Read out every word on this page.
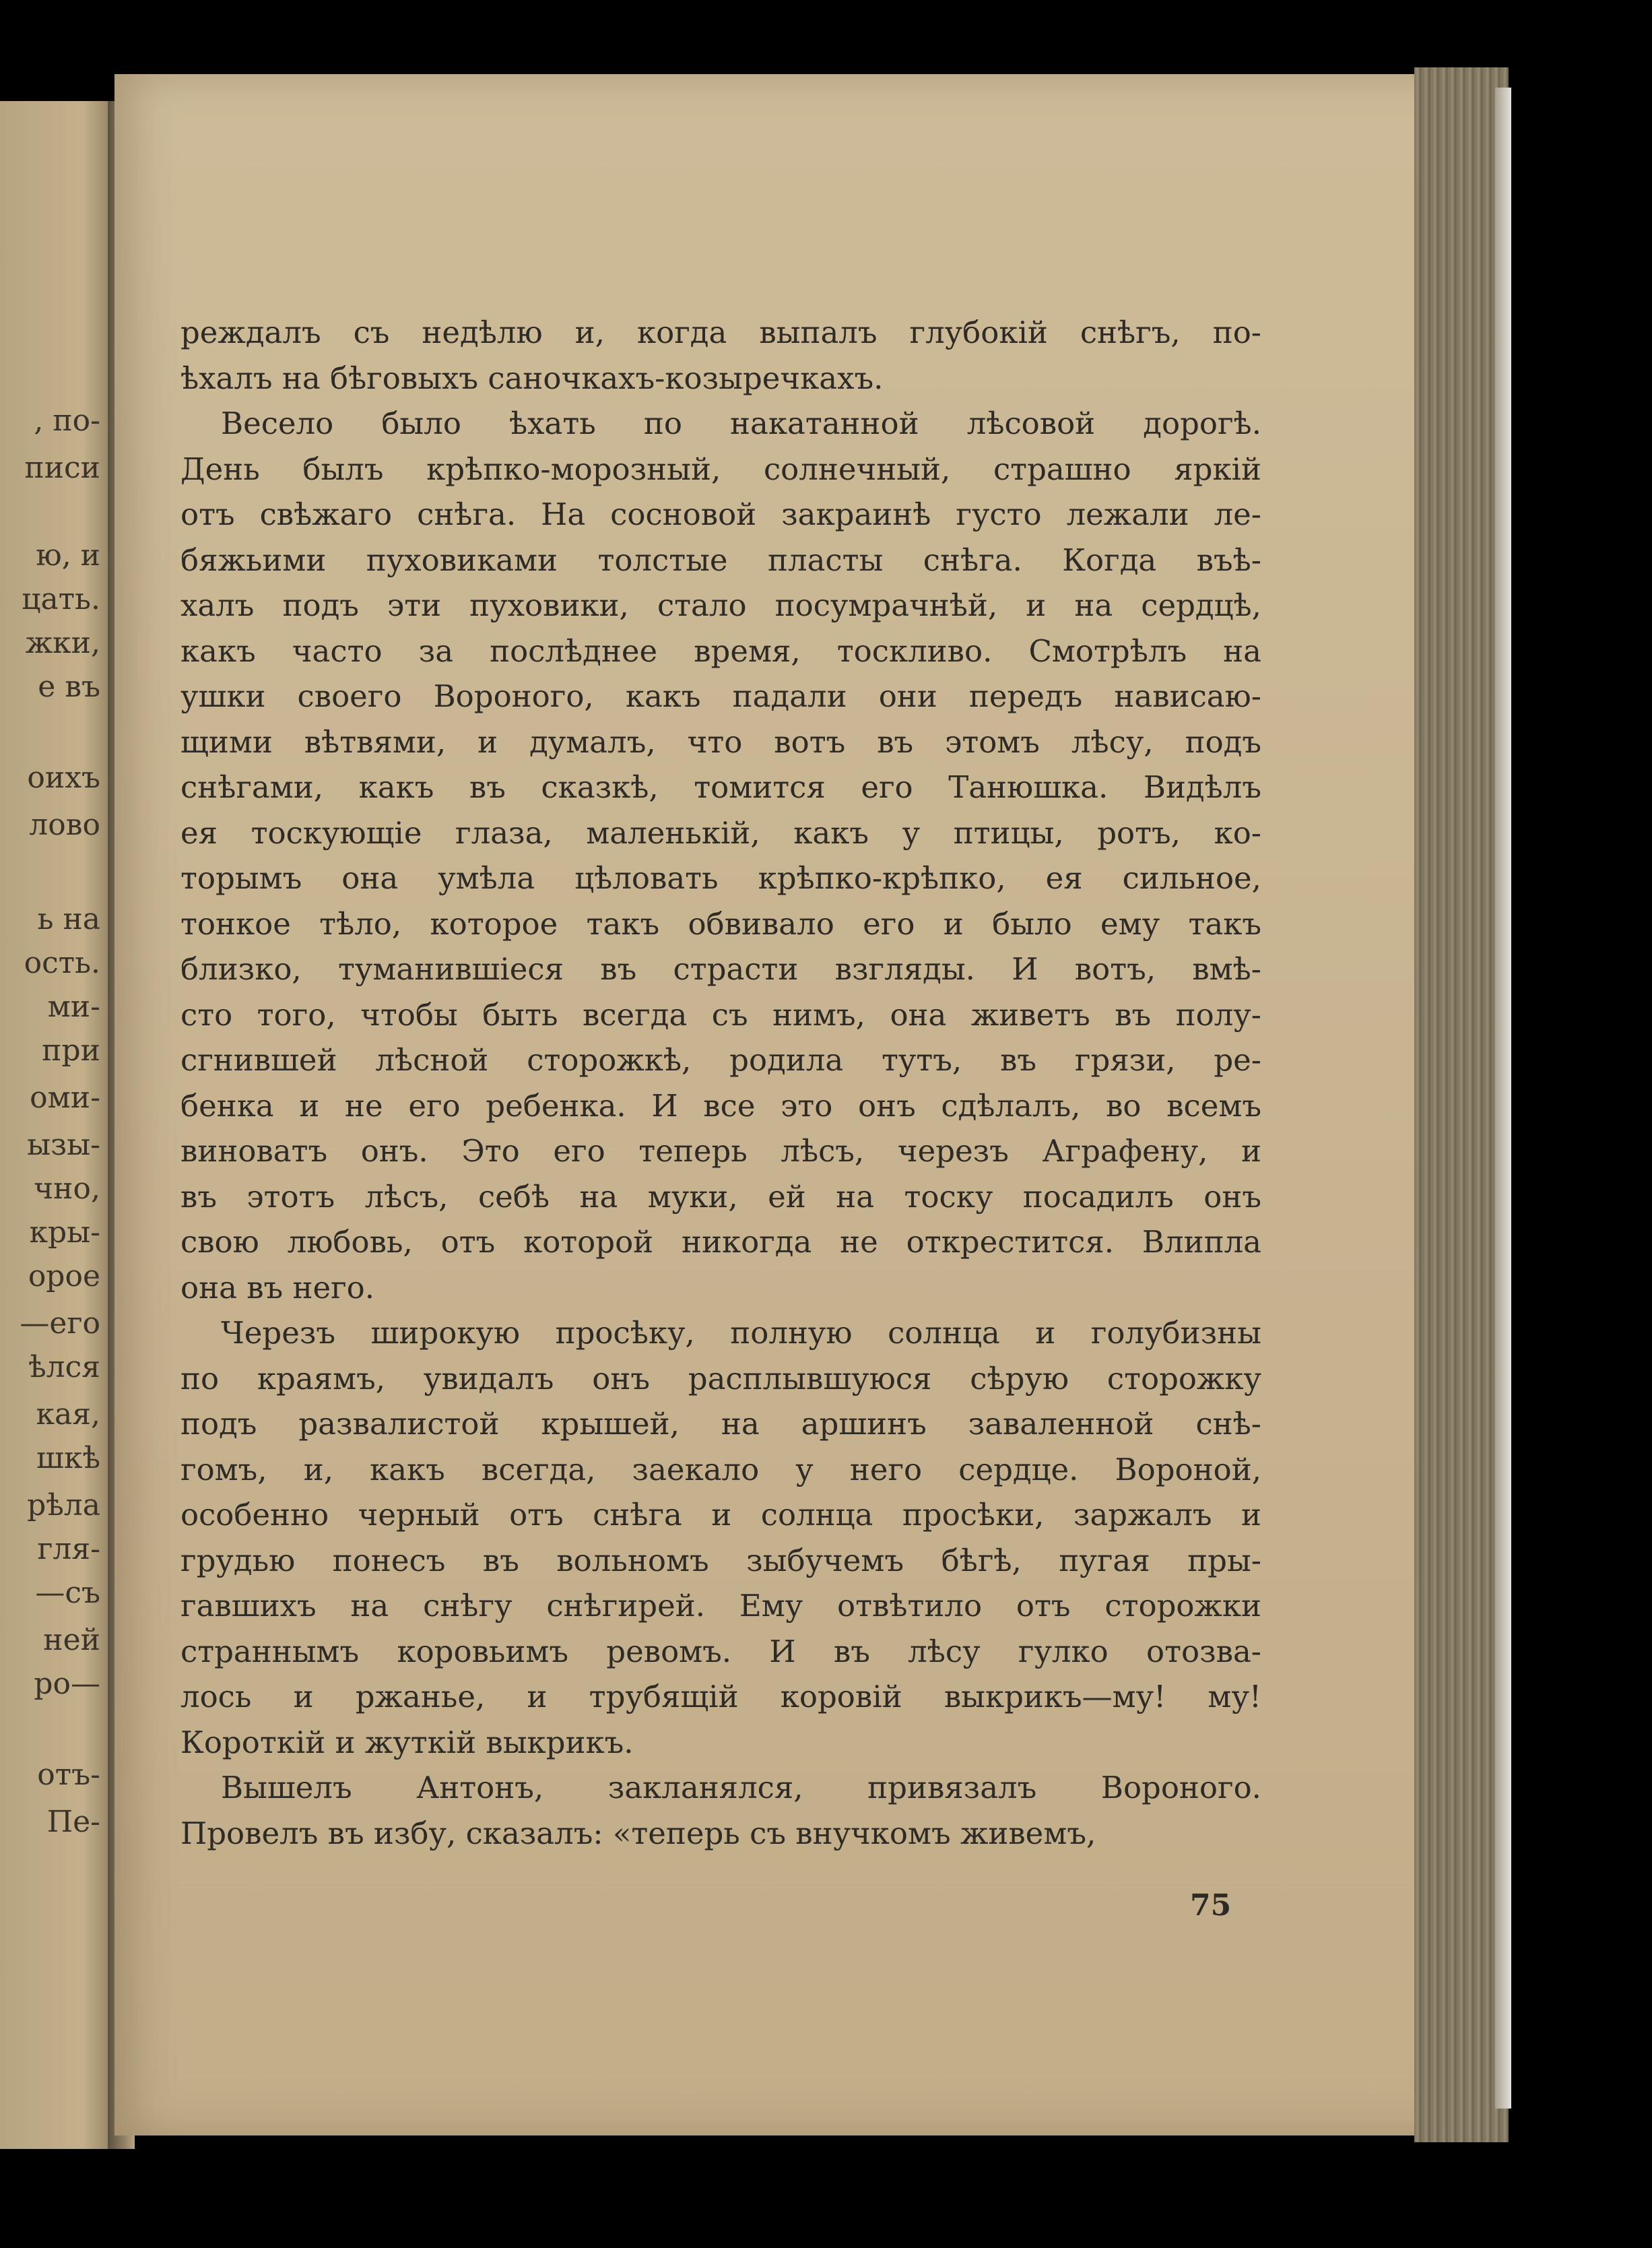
, по-
писи
ю, и
цать.
жки,
е въ
оихъ
лово
ь на
ость.
ми-
при
оми-
ызы-
чно,
кры-
орое
—его
ѣлся
кая,
шкѣ
рѣла
гля-
—съ
ней
ро—
отъ-
Пе-
реждалъ съ недѣлю и, когда выпалъ глубокій снѣгъ, по-
ѣхалъ на бѣговыхъ саночкахъ-козыречкахъ.
Весело было ѣхать по накатанной лѣсовой дорогѣ.
День былъ крѣпко-морозный, солнечный, страшно яркій
отъ свѣжаго снѣга. На сосновой закраинѣ густо лежали ле-
бяжьими пуховиками толстые пласты снѣга. Когда въѣ-
халъ подъ эти пуховики, стало посумрачнѣй, и на сердцѣ,
какъ часто за послѣднее время, тоскливо. Смотрѣлъ на
ушки своего Вороного, какъ падали они передъ нависаю-
щими вѣтвями, и думалъ, что вотъ въ этомъ лѣсу, подъ
снѣгами, какъ въ сказкѣ, томится его Танюшка. Видѣлъ
ея тоскующіе глаза, маленькій, какъ у птицы, ротъ, ко-
торымъ она умѣла цѣловать крѣпко-крѣпко, ея сильное,
тонкое тѣло, которое такъ обвивало его и было ему такъ
близко, туманившіеся въ страсти взгляды. И вотъ, вмѣ-
сто того, чтобы быть всегда съ нимъ, она живетъ въ полу-
сгнившей лѣсной сторожкѣ, родила тутъ, въ грязи, ре-
бенка и не его ребенка. И все это онъ сдѣлалъ, во всемъ
виноватъ онъ. Это его теперь лѣсъ, черезъ Аграфену, и
въ этотъ лѣсъ, себѣ на муки, ей на тоску посадилъ онъ
свою любовь, отъ которой никогда не открестится. Влипла
она въ него.
Черезъ широкую просѣку, полную солнца и голубизны
по краямъ, увидалъ онъ расплывшуюся сѣрую сторожку
подъ развалистой крышей, на аршинъ заваленной снѣ-
гомъ, и, какъ всегда, заекало у него сердце. Вороной,
особенно черный отъ снѣга и солнца просѣки, заржалъ и
грудью понесъ въ вольномъ зыбучемъ бѣгѣ, пугая пры-
гавшихъ на снѣгу снѣгирей. Ему отвѣтило отъ сторожки
страннымъ коровьимъ ревомъ. И въ лѣсу гулко отозва-
лось и ржанье, и трубящій коровій выкрикъ—му! му!
Короткій и жуткій выкрикъ.
Вышелъ Антонъ, закланялся, привязалъ Вороного.
Провелъ въ избу, сказалъ: «теперь съ внучкомъ живемъ,
75
